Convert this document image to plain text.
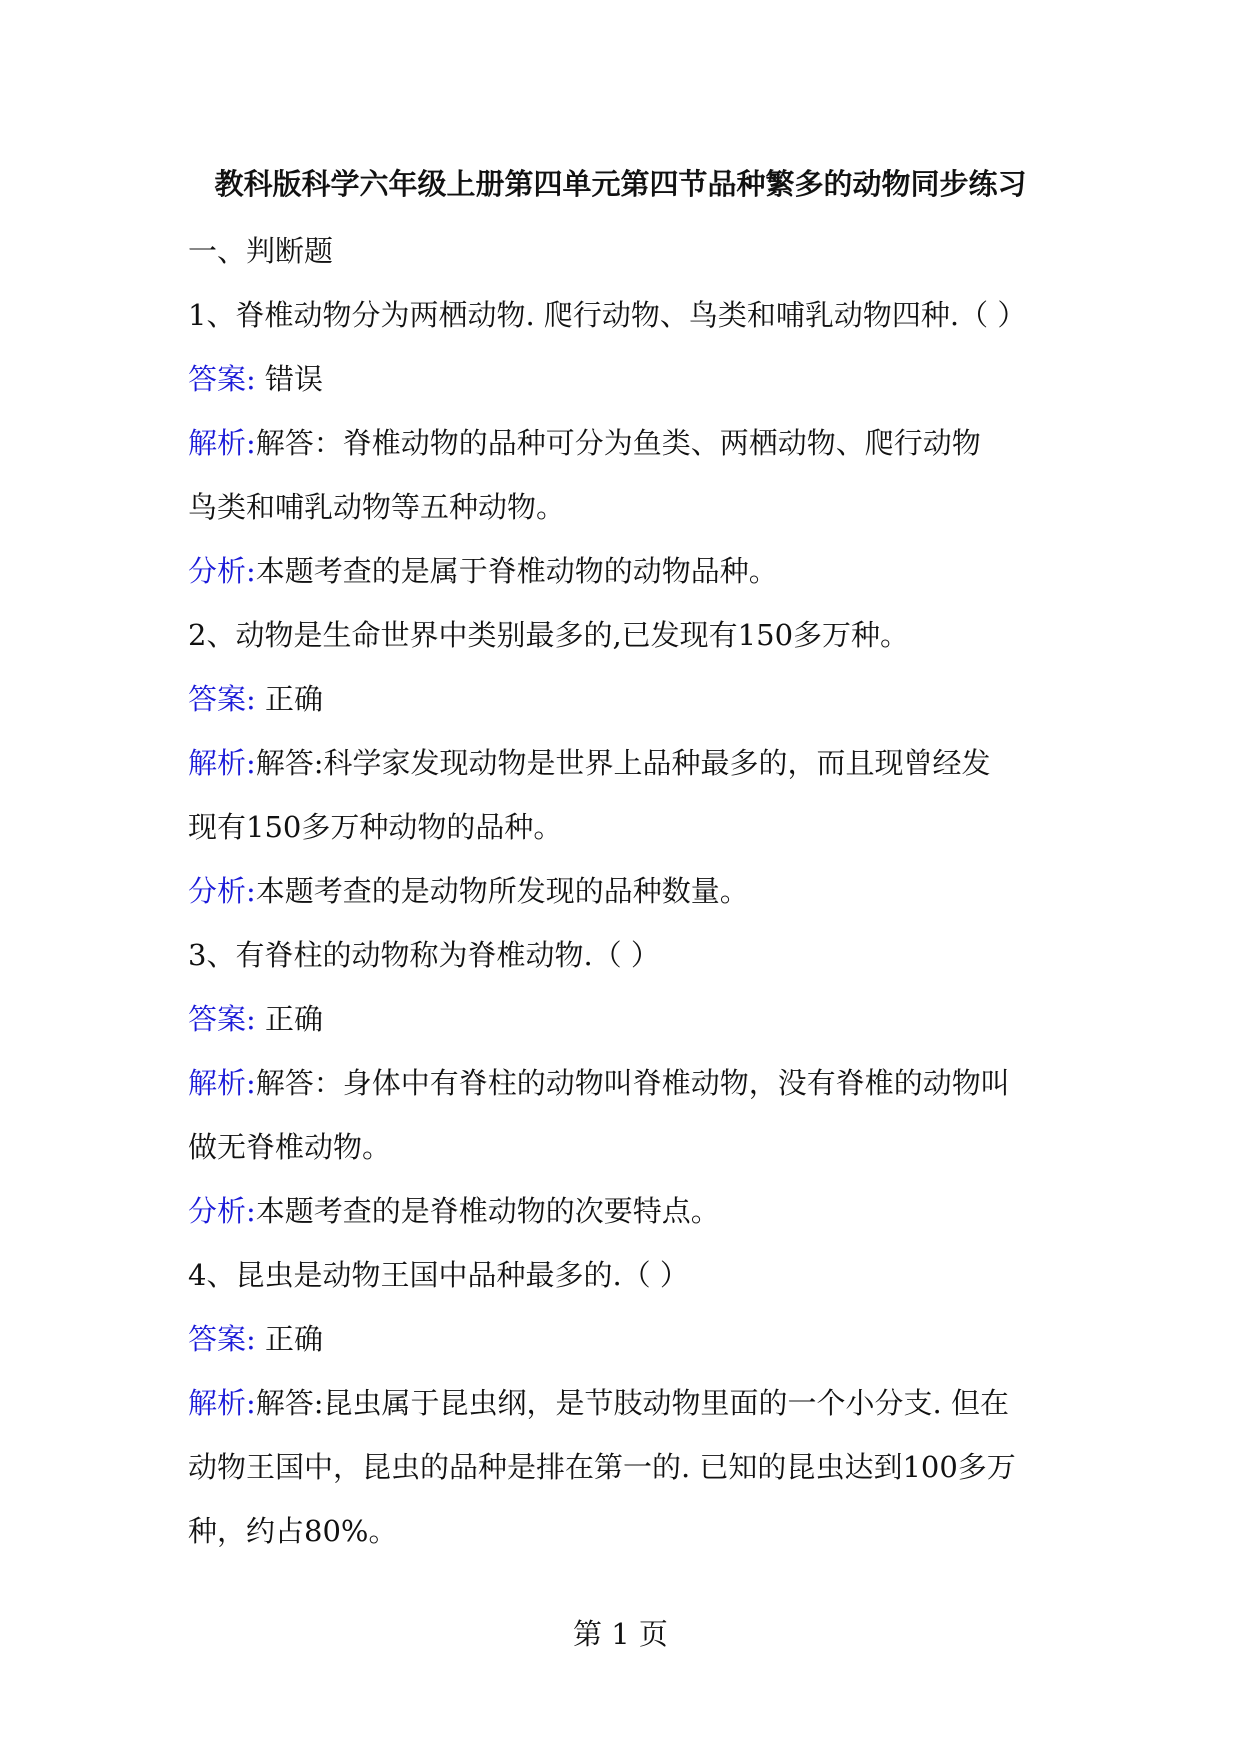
教科版科学六年级上册第四单元第四节品种繁多的动物同步练习
一、判断题
1、脊椎动物分为两栖动物. 爬行动物、鸟类和哺乳动物四种.（ ）
答案: 错误
解析:解答：脊椎动物的品种可分为鱼类、两栖动物、爬行动物
鸟类和哺乳动物等五种动物。
分析:本题考查的是属于脊椎动物的动物品种。
2、动物是生命世界中类别最多的,已发现有150多万种。
答案: 正确
解析:解答:科学家发现动物是世界上品种最多的，而且现曾经发
现有150多万种动物的品种。
分析:本题考查的是动物所发现的品种数量。
3、有脊柱的动物称为脊椎动物.（ ）
答案: 正确
解析:解答：身体中有脊柱的动物叫脊椎动物，没有脊椎的动物叫
做无脊椎动物。
分析:本题考查的是脊椎动物的次要特点。
4、昆虫是动物王国中品种最多的.（ ）
答案: 正确
解析:解答:昆虫属于昆虫纲，是节肢动物里面的一个小分支. 但在
动物王国中，昆虫的品种是排在第一的. 已知的昆虫达到100多万
种，约占80%。
第 1 页
